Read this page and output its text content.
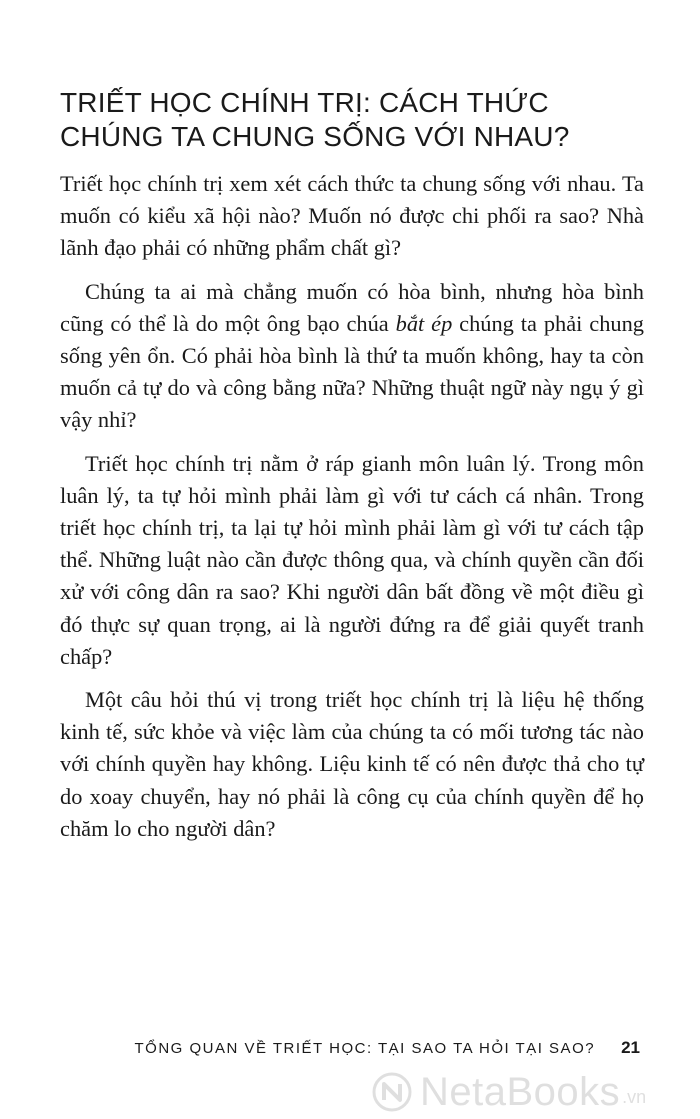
TRIẾT HỌC CHÍNH TRỊ: CÁCH THỨC CHÚNG TA CHUNG SỐNG VỚI NHAU?

Triết học chính trị xem xét cách thức ta chung sống với nhau. Ta muốn có kiểu xã hội nào? Muốn nó được chi phối ra sao? Nhà lãnh đạo phải có những phẩm chất gì?

Chúng ta ai mà chẳng muốn có hòa bình, nhưng hòa bình cũng có thể là do một ông bạo chúa bắt ép chúng ta phải chung sống yên ổn. Có phải hòa bình là thứ ta muốn không, hay ta còn muốn cả tự do và công bằng nữa? Những thuật ngữ này ngụ ý gì vậy nhỉ?

Triết học chính trị nằm ở ráp gianh môn luân lý. Trong môn luân lý, ta tự hỏi mình phải làm gì với tư cách cá nhân. Trong triết học chính trị, ta lại tự hỏi mình phải làm gì với tư cách tập thể. Những luật nào cần được thông qua, và chính quyền cần đối xử với công dân ra sao? Khi người dân bất đồng về một điều gì đó thực sự quan trọng, ai là người đứng ra để giải quyết tranh chấp?

Một câu hỏi thú vị trong triết học chính trị là liệu hệ thống kinh tế, sức khỏe và việc làm của chúng ta có mối tương tác nào với chính quyền hay không. Liệu kinh tế có nên được thả cho tự do xoay chuyển, hay nó phải là công cụ của chính quyền để họ chăm lo cho người dân?

TỔNG QUAN VỀ TRIẾT HỌC: TẠI SAO TA HỎI TẠI SAO? 21
NetaBooks .vn
